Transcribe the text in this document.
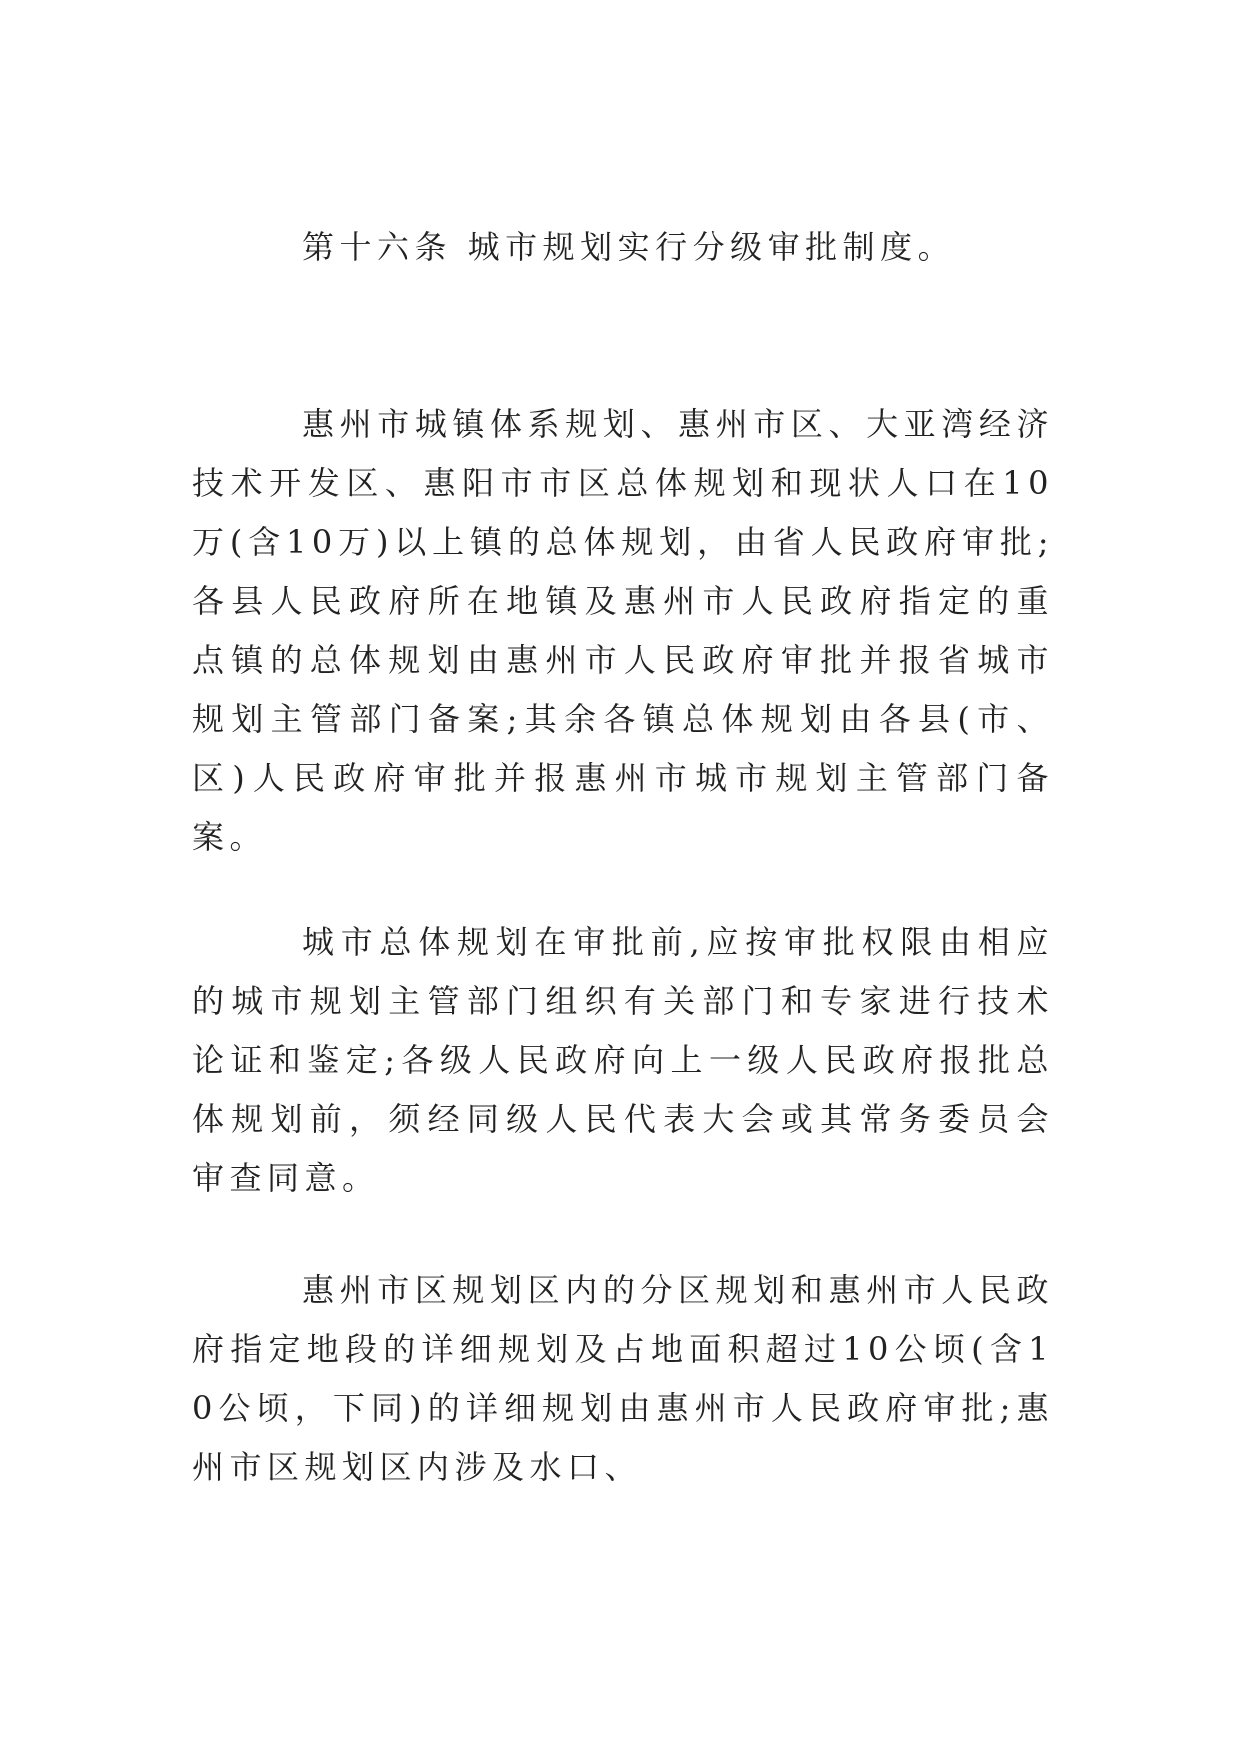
第十六条 城市规划实行分级审批制度。

惠州市城镇体系规划、惠州市区、大亚湾经济技术开发区、惠阳市市区总体规划和现状人口在10万(含10万)以上镇的总体规划，由省人民政府审批;各县人民政府所在地镇及惠州市人民政府指定的重点镇的总体规划由惠州市人民政府审批并报省城市规划主管部门备案;其余各镇总体规划由各县(市、区)人民政府审批并报惠州市城市规划主管部门备案。

城市总体规划在审批前,应按审批权限由相应的城市规划主管部门组织有关部门和专家进行技术论证和鉴定;各级人民政府向上一级人民政府报批总体规划前，须经同级人民代表大会或其常务委员会审查同意。

惠州市区规划区内的分区规划和惠州市人民政府指定地段的详细规划及占地面积超过10公顷(含10公顷，下同)的详细规划由惠州市人民政府审批;惠州市区规划区内涉及水口、
